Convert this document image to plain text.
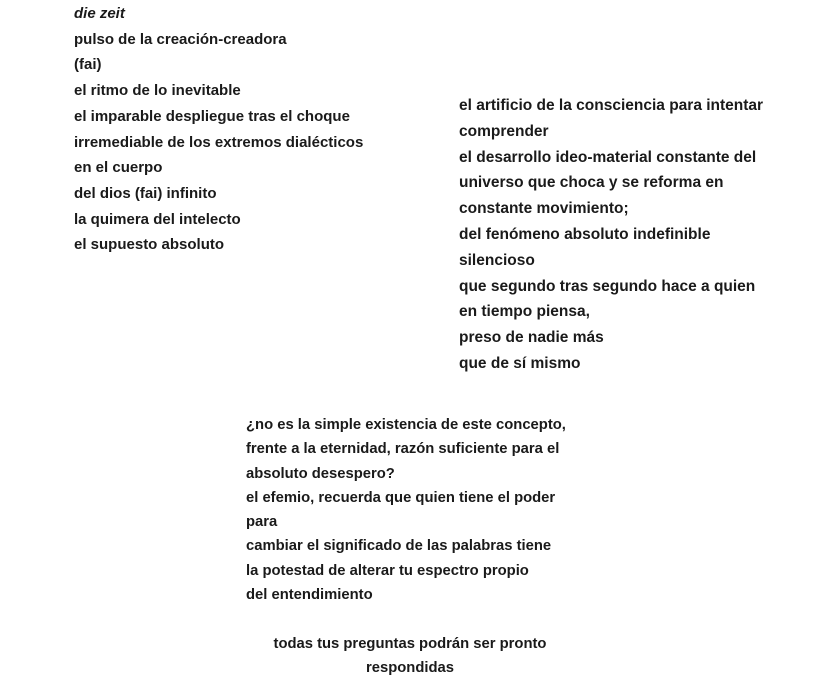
die zeit
pulso de la creación-creadora
(fai)
el ritmo de lo inevitable
el imparable despliegue tras el choque
irremediable de los extremos dialécticos
en el cuerpo
del dios (fai) infinito
la quimera del intelecto
el supuesto absoluto
el artificio de la consciencia para intentar
comprender
el desarrollo ideo-material constante del
universo que choca y se reforma en
constante movimiento;
del fenómeno absoluto indefinible
silencioso
que segundo tras segundo hace a quien
en tiempo piensa,
preso de nadie más
que de sí mismo
¿no es la simple existencia de este concepto,
frente a la eternidad, razón suficiente para el
absoluto desespero?
el efemio, recuerda que quien tiene el poder
para
cambiar el significado de las palabras tiene
la potestad de alterar tu espectro propio
del entendimiento
todas tus preguntas podrán ser pronto
respondidas
